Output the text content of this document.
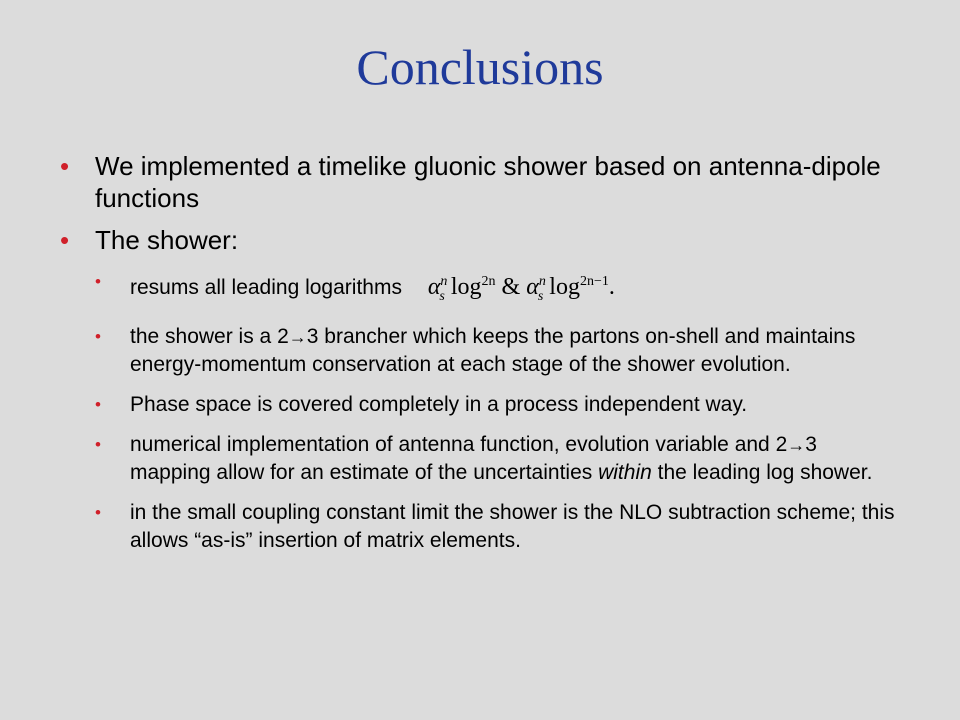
Conclusions
• We implemented a timelike gluonic shower based on antenna-dipole functions
• The shower:
• resums all leading logarithms $\alpha^n_s$ $\log^{2n}$ & $\alpha^n_s$ $\log^{2n-1}$.
• the shower is a 2→3 brancher which keeps the partons on-shell and maintains energy-momentum conservation at each stage of the shower evolution.
• Phase space is covered completely in a process independent way.
• numerical implementation of antenna function, evolution variable and 2→3 mapping allow for an estimate of the uncertainties within the leading log shower.
• in the small coupling constant limit the shower is the NLO subtraction scheme; this allows “as-is” insertion of matrix elements.
